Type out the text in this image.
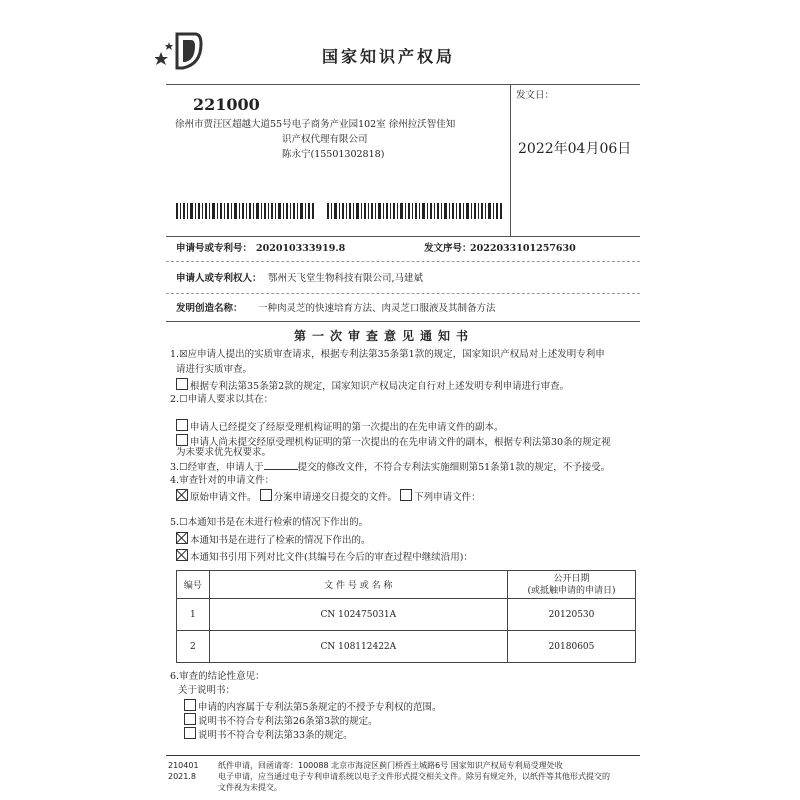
国家知识产权局
221000
徐州市贾汪区超越大道55号电子商务产业园102室 徐州拉沃智佳知
识产权代理有限公司
陈永宁(15501302818)
发文日：
2022年04月06日
申请号或专利号： 202010333919.8	发文序号：
2022033101257630
申请人或专利权人： 鄂州天飞堂生物科技有限公司,马建斌
发明创造名称： 一种肉灵芝的快速培育方法、肉灵芝口服液及其制备方法
第一次审查意见通知书
1.☒应申请人提出的实质审查请求，根据专利法第35条第1款的规定，国家知识产权局对上述发明专利申
请进行实质审查。
根据专利法第35条第2款的规定，国家知识产权局决定自行对上述发明专利申请进行审查。
2.☐申请人要求以其在：
申请人已经提交了经原受理机构证明的第一次提出的在先申请文件的副本。
申请人尚未提交经原受理机构证明的第一次提出的在先申请文件的副本，根据专利法第30条的规定视
为未要求优先权要求。
3.☐经审查，申请人于	提交的修改文件，不符合专利法实施细则第51条第1款的规定，不予接受。
4.审查针对的申请文件：
原始申请文件。 分案申请递交日提交的文件。 下列申请文件：
5.☐本通知书是在未进行检索的情况下作出的。
本通知书是在进行了检索的情况下作出的。
本通知书引用下列对比文件(其编号在今后的审查过程中继续沿用)：
编号	文 件 号 或 名 称	公开日期
(或抵触申请的申请日)

1	CN 102475031A	20120530
2	CN 108112422A	20180605
6.审查的结论性意见：
关于说明书：
申请的内容属于专利法第5条规定的不授予专利权的范围。
说明书不符合专利法第26条第3款的规定。
说明书不符合专利法第33条的规定。
210401
2021.8
纸件申请，回函请寄：100088 北京市海淀区蓟门桥西土城路6号 国家知识产权局专利局受理处收
电子申请，应当通过电子专利申请系统以电子文件形式提交相关文件。除另有规定外，以纸件等其他形式提交的
文件视为未提交。
